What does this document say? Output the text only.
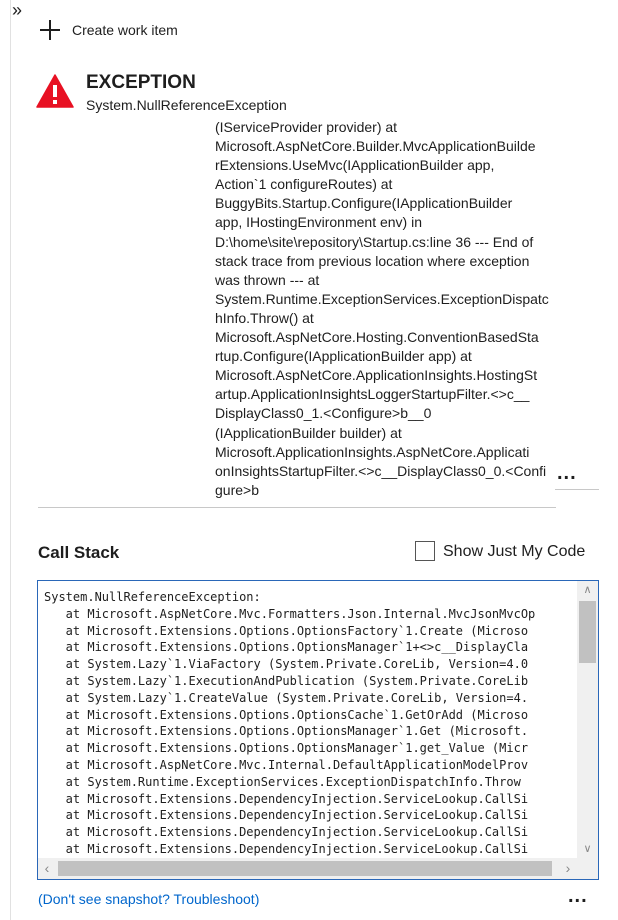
»
Create work item
EXCEPTION
System.NullReferenceException
(IServiceProvider provider) at
Microsoft.AspNetCore.Builder.MvcApplicationBuilde
rExtensions.UseMvc(IApplicationBuilder app,
Action`1 configureRoutes) at
BuggyBits.Startup.Configure(IApplicationBuilder
app, IHostingEnvironment env) in
D:\home\site\repository\Startup.cs:line 36 --- End of
stack trace from previous location where exception
was thrown --- at
System.Runtime.ExceptionServices.ExceptionDispatc
hInfo.Throw() at
Microsoft.AspNetCore.Hosting.ConventionBasedSta
rtup.Configure(IApplicationBuilder app) at
Microsoft.AspNetCore.ApplicationInsights.HostingSt
artup.ApplicationInsightsLoggerStartupFilter.<>c__
DisplayClass0_1.<Configure>b__0
(IApplicationBuilder builder) at
Microsoft.ApplicationInsights.AspNetCore.Applicati
onInsightsStartupFilter.<>c__DisplayClass0_0.<Confi
gure>b
...
Call Stack	Show Just My Code
System.NullReferenceException:
at Microsoft.AspNetCore.Mvc.Formatters.Json.Internal.MvcJsonMvcOp
at Microsoft.Extensions.Options.OptionsFactory`1.Create (Microso
at Microsoft.Extensions.Options.OptionsManager`1+<>c__DisplayCla
at System.Lazy`1.ViaFactory (System.Private.CoreLib, Version=4.0
at System.Lazy`1.ExecutionAndPublication (System.Private.CoreLib
at System.Lazy`1.CreateValue (System.Private.CoreLib, Version=4.
at Microsoft.Extensions.Options.OptionsCache`1.GetOrAdd (Microso
at Microsoft.Extensions.Options.OptionsManager`1.Get (Microsoft.
at Microsoft.Extensions.Options.OptionsManager`1.get_Value (Micr
at Microsoft.AspNetCore.Mvc.Internal.DefaultApplicationModelProv
at System.Runtime.ExceptionServices.ExceptionDispatchInfo.Throw
at Microsoft.Extensions.DependencyInjection.ServiceLookup.CallSi
at Microsoft.Extensions.DependencyInjection.ServiceLookup.CallSi
at Microsoft.Extensions.DependencyInjection.ServiceLookup.CallSi
at Microsoft.Extensions.DependencyInjection.ServiceLookup.CallSi
∧
∨
‹	›
(Don't see snapshot? Troubleshoot)	...
